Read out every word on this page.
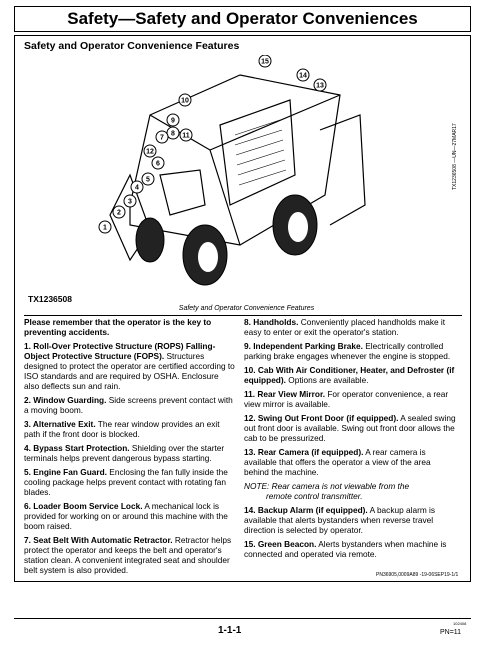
Safety—Safety and Operator Conveniences
Safety and Operator Convenience Features
15
14
13
10
9
8 11
7
12
6
5
4
3
2
1
TX1236508 —UN—27MAR17
TX1236508
Safety and Operator Convenience Features

Please remember that the operator is the key to preventing accidents.

1. Roll-Over Protective Structure (ROPS) Falling-Object Protective Structure (FOPS). Structures designed to protect the operator are certified according to ISO standards and are required by OSHA. Enclosure also deflects sun and rain.

2. Window Guarding. Side screens prevent contact with a moving boom.

3. Alternative Exit. The rear window provides an exit path if the front door is blocked.

4. Bypass Start Protection. Shielding over the starter terminals helps prevent dangerous bypass starting.

5. Engine Fan Guard. Enclosing the fan fully inside the cooling package helps prevent contact with rotating fan blades.

6. Loader Boom Service Lock. A mechanical lock is provided for working on or around this machine with the boom raised.

7. Seat Belt With Automatic Retractor. Retractor helps protect the operator and keeps the belt and operator's station clean. A convenient integrated seat and shoulder belt system is also provided.

8. Handholds. Conveniently placed handholds make it easy to enter or exit the operator's station.

9. Independent Parking Brake. Electrically controlled parking brake engages whenever the engine is stopped.

10. Cab With Air Conditioner, Heater, and Defroster (if equipped). Options are available.

11. Rear View Mirror. For operator convenience, a rear view mirror is available.

12. Swing Out Front Door (if equipped). A sealed swing out front door is available. Swing out front door allows the cab to be pressurized.

13. Rear Camera (if equipped). A rear camera is available that offers the operator a view of the area behind the machine.

NOTE: Rear camera is not viewable from the
remote control transmitter.

14. Backup Alarm (if equipped). A backup alarm is available that alerts bystanders when reverse travel direction is selected by operator.

15. Green Beacon. Alerts bystanders when machine is connected and operated via remote.

PN36905,0009A89 -19-06SEP19-1/1
1-1-1
102408
PN=11
